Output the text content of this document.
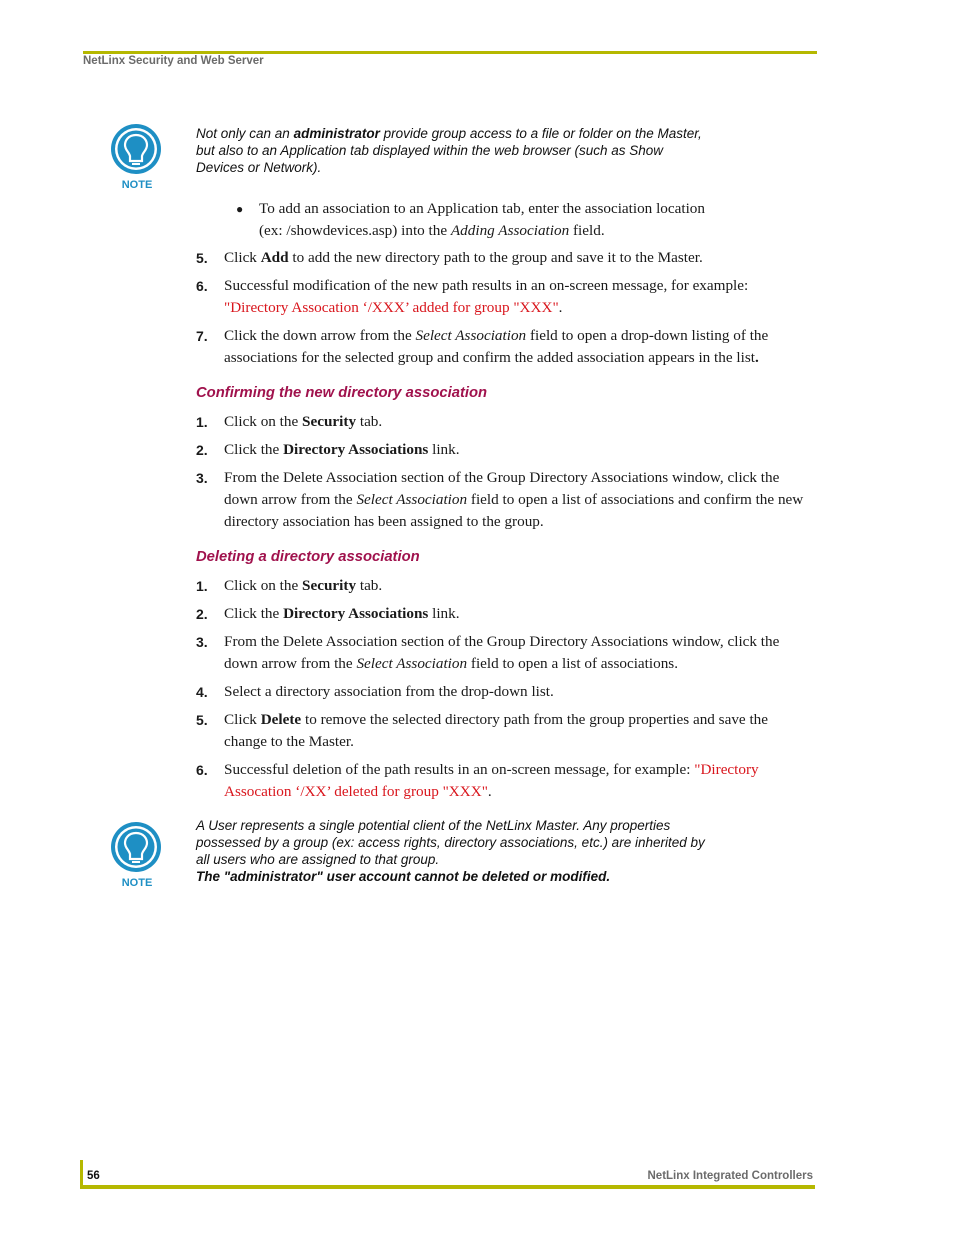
NetLinx Security and Web Server
NOTE
Not only can an administrator provide group access to a file or folder on the Master,
but also to an Application tab displayed within the web browser (such as Show
Devices or Network).
● To add an association to an Application tab, enter the association location
(ex: /showdevices.asp) into the Adding Association field.
5. Click Add to add the new directory path to the group and save it to the Master.
6. Successful modification of the new path results in an on-screen message, for example:
"Directory Assocation ‘/XXX’ added for group "XXX".
7. Click the down arrow from the Select Association field to open a drop-down listing of the
associations for the selected group and confirm the added association appears in the list.
Confirming the new directory association
1. Click on the Security tab.
2. Click the Directory Associations link.
3. From the Delete Association section of the Group Directory Associations window, click the
down arrow from the Select Association field to open a list of associations and confirm the new
directory association has been assigned to the group.
Deleting a directory association
1. Click on the Security tab.
2. Click the Directory Associations link.
3. From the Delete Association section of the Group Directory Associations window, click the
down arrow from the Select Association field to open a list of associations.
4. Select a directory association from the drop-down list.
5. Click Delete to remove the selected directory path from the group properties and save the
change to the Master.
6. Successful deletion of the path results in an on-screen message, for example: "Directory
Assocation ‘/XX’ deleted for group "XXX".
NOTE
A User represents a single potential client of the NetLinx Master. Any properties
possessed by a group (ex: access rights, directory associations, etc.) are inherited by
all users who are assigned to that group.
The "administrator" user account cannot be deleted or modified.
56	NetLinx Integrated Controllers
